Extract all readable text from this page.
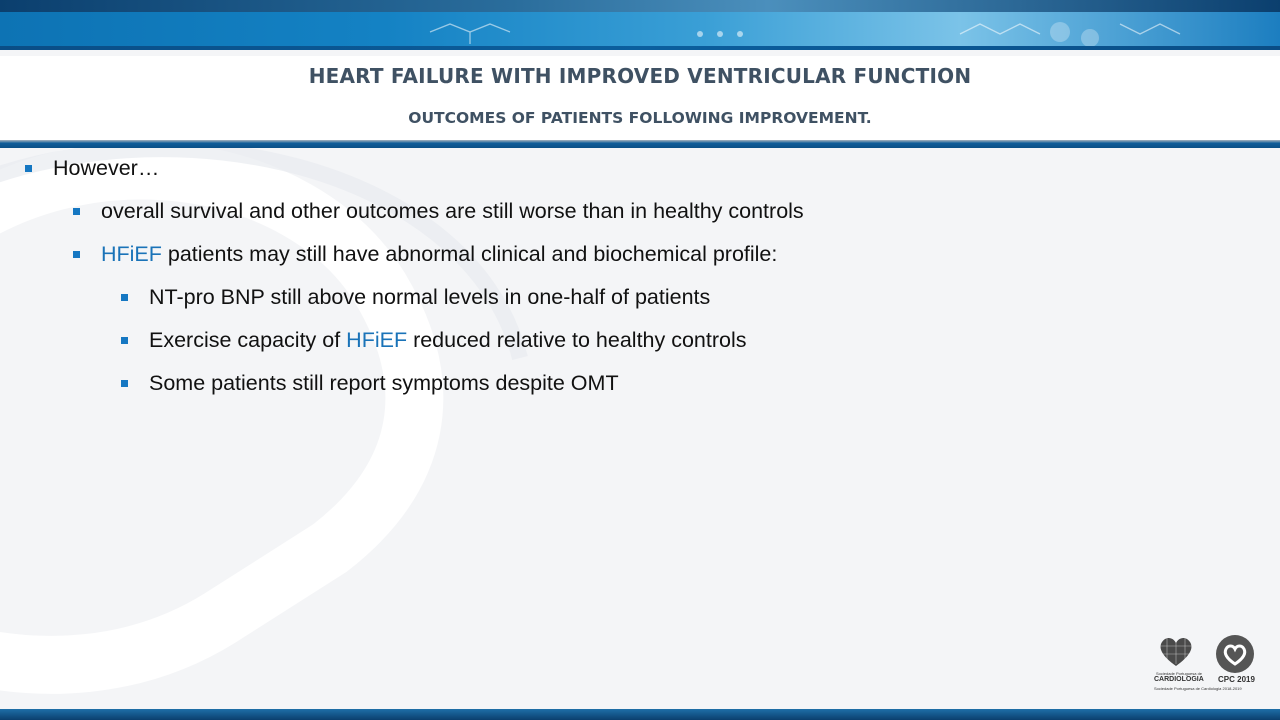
HEART FAILURE WITH IMPROVED VENTRICULAR FUNCTION
OUTCOMES OF PATIENTS FOLLOWING IMPROVEMENT.
However…
overall survival and other outcomes are still worse than in healthy controls
HFiEF patients may still have abnormal clinical and biochemical profile:
NT-pro BNP still above normal levels in one-half of patients
Exercise capacity of HFiEF reduced relative to healthy controls
Some patients still report symptoms despite OMT
Sociedade Portuguesa de
CARDIOLOGIA CPC 2019
Sociedade Portuguesa de Cardiologia 2018-2019
